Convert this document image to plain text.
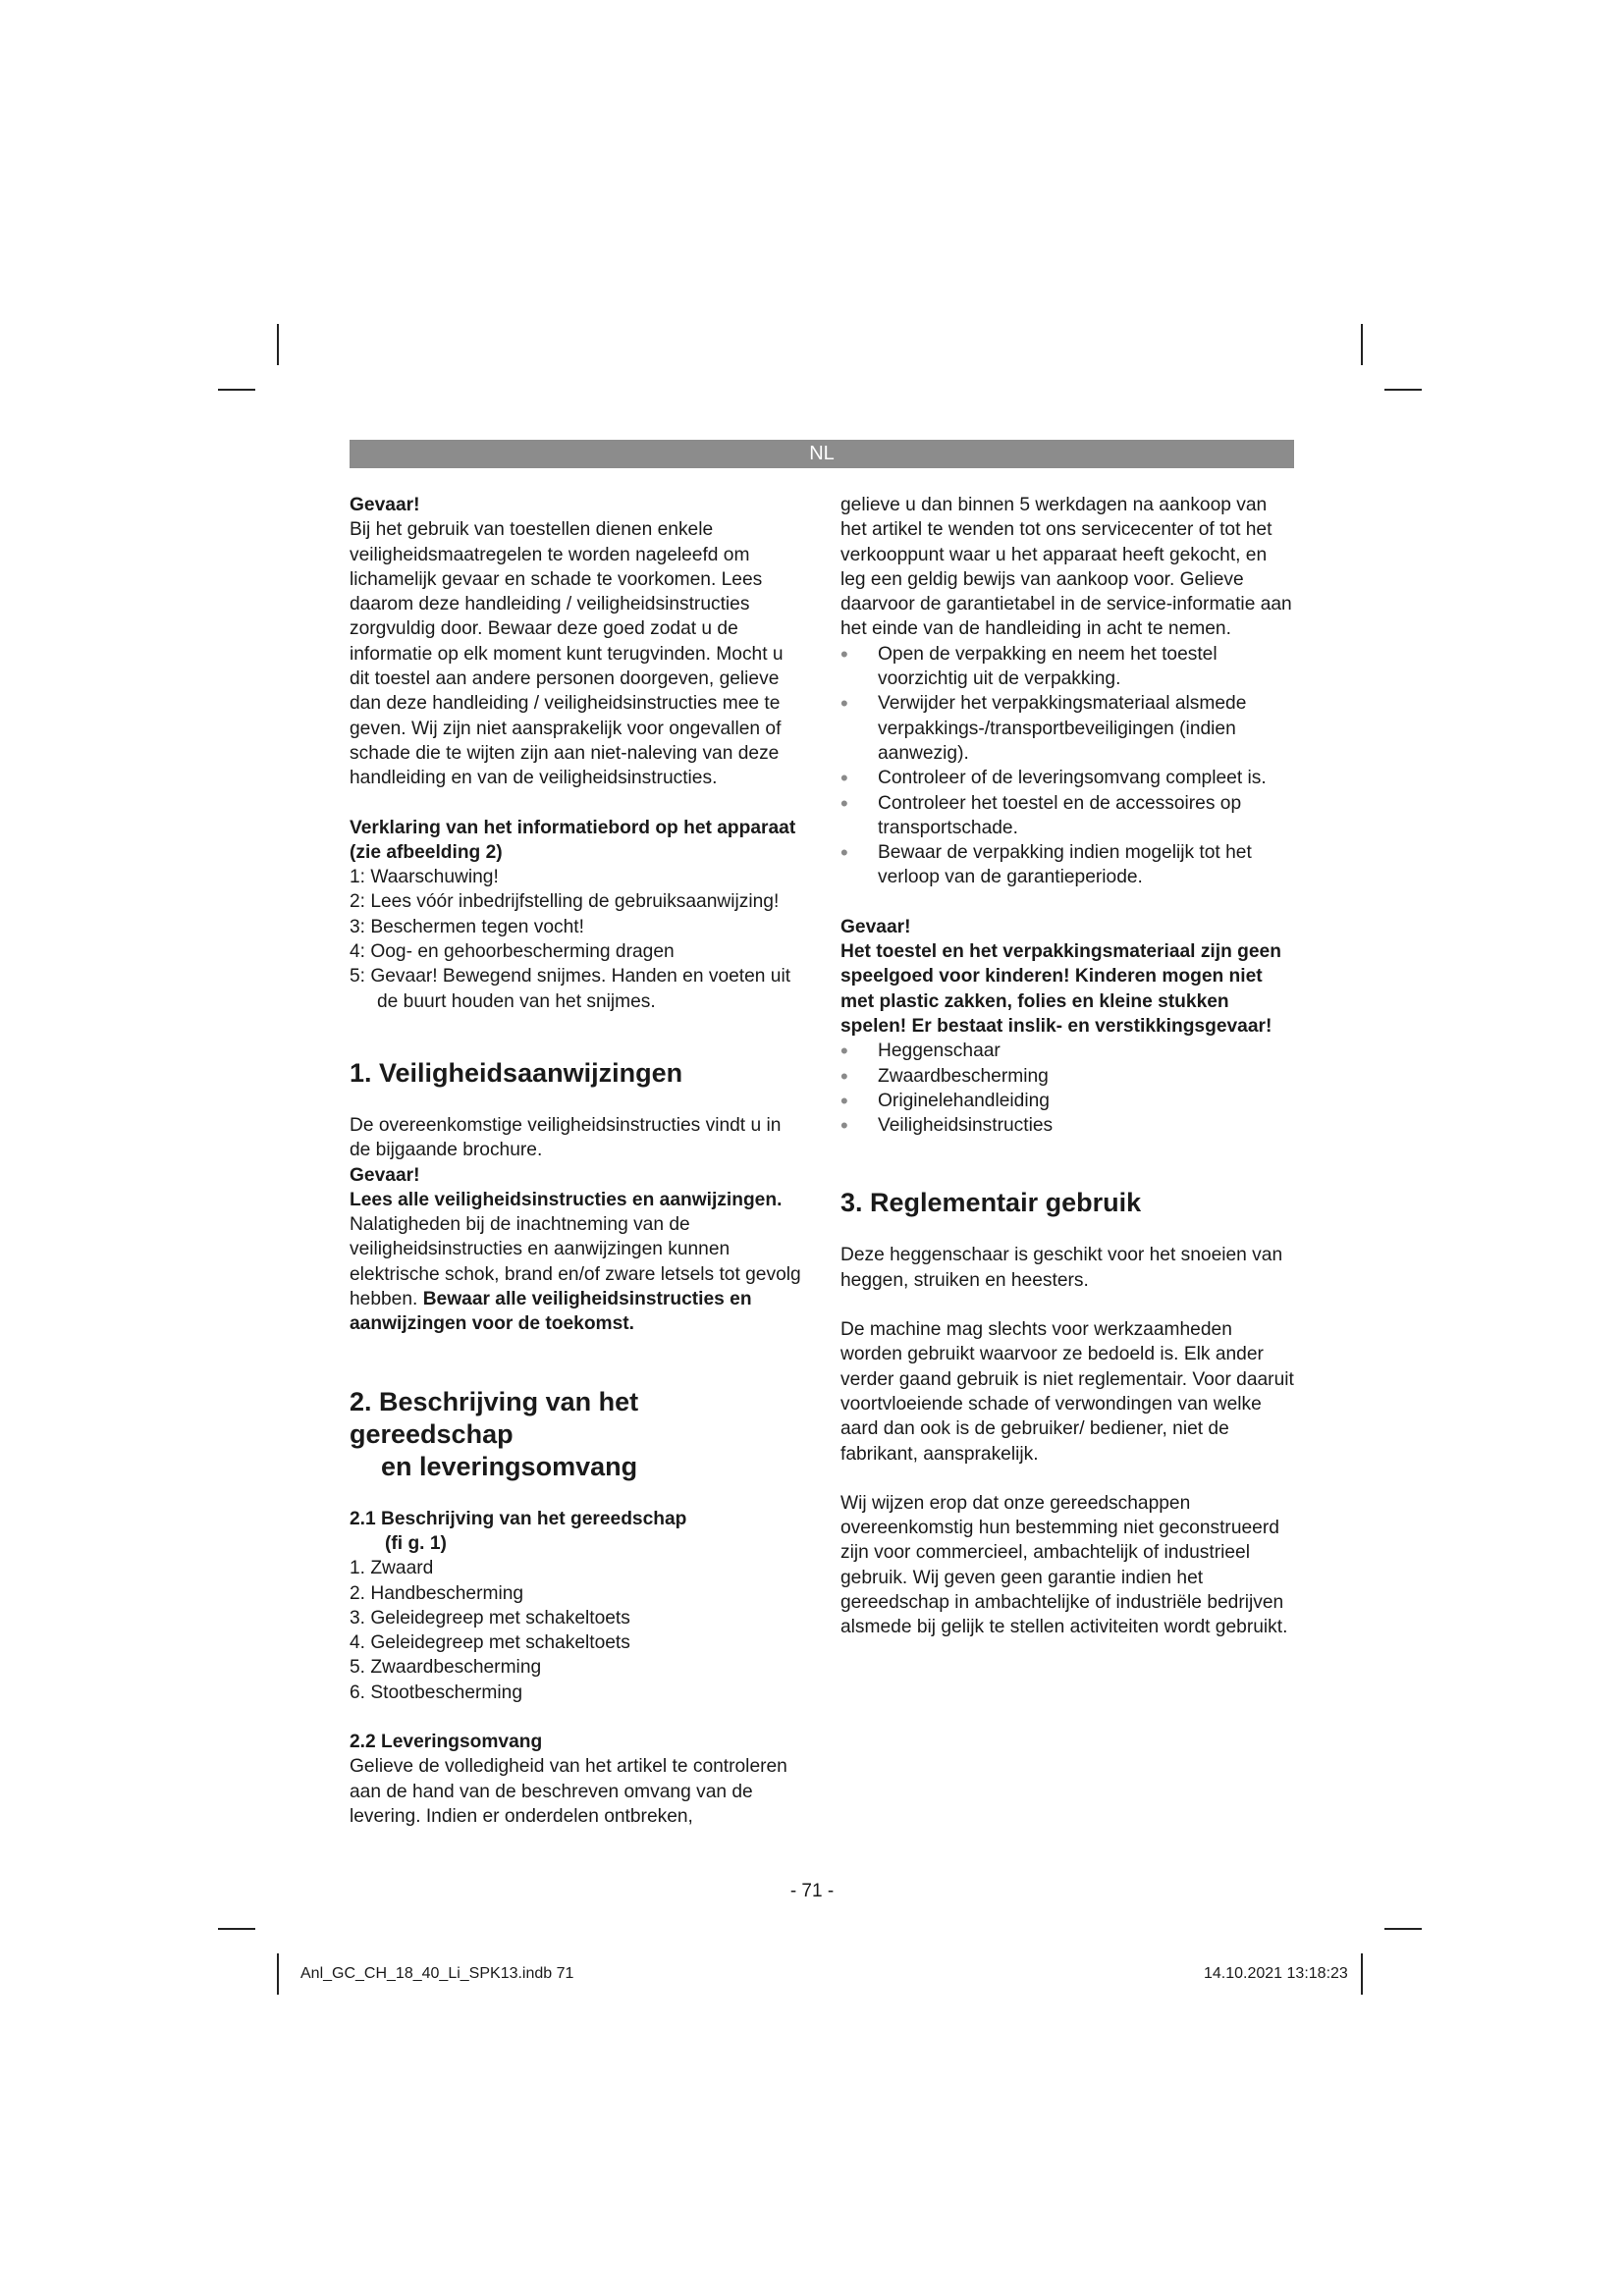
NL

Gevaar!

Bij het gebruik van toestellen dienen enkele veiligheidsmaatregelen te worden nageleefd om lichamelijk gevaar en schade te voorkomen. Lees daarom deze handleiding / veiligheidsinstructies zorgvuldig door. Bewaar deze goed zodat u de informatie op elk moment kunt terugvinden. Mocht u dit toestel aan andere personen doorgeven, gelieve dan deze handleiding / veiligheidsinstructies mee te geven. Wij zijn niet aansprakelijk voor ongevallen of schade die te wijten zijn aan niet-naleving van deze handleiding en van de veiligheidsinstructies.

Verklaring van het informatiebord op het apparaat (zie afbeelding 2)

1: Waarschuwing!

2: Lees vóór inbedrijfstelling de gebruiksaanwijzing!

3: Beschermen tegen vocht!

4: Oog- en gehoorbescherming dragen

5: Gevaar! Bewegend snijmes. Handen en voeten uit de buurt houden van het snijmes.

1. Veiligheidsaanwijzingen

De overeenkomstige veiligheidsinstructies vindt u in de bijgaande brochure.

Gevaar!

Lees alle veiligheidsinstructies en aanwijzingen. Nalatigheden bij de inachtneming van de veiligheidsinstructies en aanwijzingen kunnen elektrische schok, brand en/of zware letsels tot gevolg hebben. Bewaar alle veiligheidsinstructies en aanwijzingen voor de toekomst.

2. Beschrijving van het gereedschap
en leveringsomvang

2.1 Beschrijving van het gereedschap
(fi g. 1)

1. Zwaard

2. Handbescherming

3. Geleidegreep met schakeltoets

4. Geleidegreep met schakeltoets

5. Zwaardbescherming

6. Stootbescherming

2.2 Leveringsomvang

Gelieve de volledigheid van het artikel te controleren aan de hand van de beschreven omvang van de levering. Indien er onderdelen ontbreken,

gelieve u dan binnen 5 werkdagen na aankoop van het artikel te wenden tot ons servicecenter of tot het verkooppunt waar u het apparaat heeft gekocht, en leg een geldig bewijs van aankoop voor. Gelieve daarvoor de garantietabel in de service-informatie aan het einde van de handleiding in acht te nemen.

• Open de verpakking en neem het toestel voorzichtig uit de verpakking.
• Verwijder het verpakkingsmateriaal alsmede verpakkings-/transportbeveiligingen (indien aanwezig).
• Controleer of de leveringsomvang compleet is.
• Controleer het toestel en de accessoires op transportschade.
• Bewaar de verpakking indien mogelijk tot het verloop van de garantieperiode.

Gevaar!

Het toestel en het verpakkingsmateriaal zijn geen speelgoed voor kinderen! Kinderen mogen niet met plastic zakken, folies en kleine stukken spelen! Er bestaat inslik- en verstikkingsgevaar!

• Heggenschaar
• Zwaardbescherming
• Originelehandleiding
• Veiligheidsinstructies
3. Reglementair gebruik

Deze heggenschaar is geschikt voor het snoeien van heggen, struiken en heesters.

De machine mag slechts voor werkzaamheden worden gebruikt waarvoor ze bedoeld is. Elk ander verder gaand gebruik is niet reglementair. Voor daaruit voortvloeiende schade of verwondingen van welke aard dan ook is de gebruiker/ bediener, niet de fabrikant, aansprakelijk.

Wij wijzen erop dat onze gereedschappen overeenkomstig hun bestemming niet geconstrueerd zijn voor commercieel, ambachtelijk of industrieel gebruik. Wij geven geen garantie indien het gereedschap in ambachtelijke of industriële bedrijven alsmede bij gelijk te stellen activiteiten wordt gebruikt.

- 71 -
Anl_GC_CH_18_40_Li_SPK13.indb 71	14.10.2021 13:18:23
